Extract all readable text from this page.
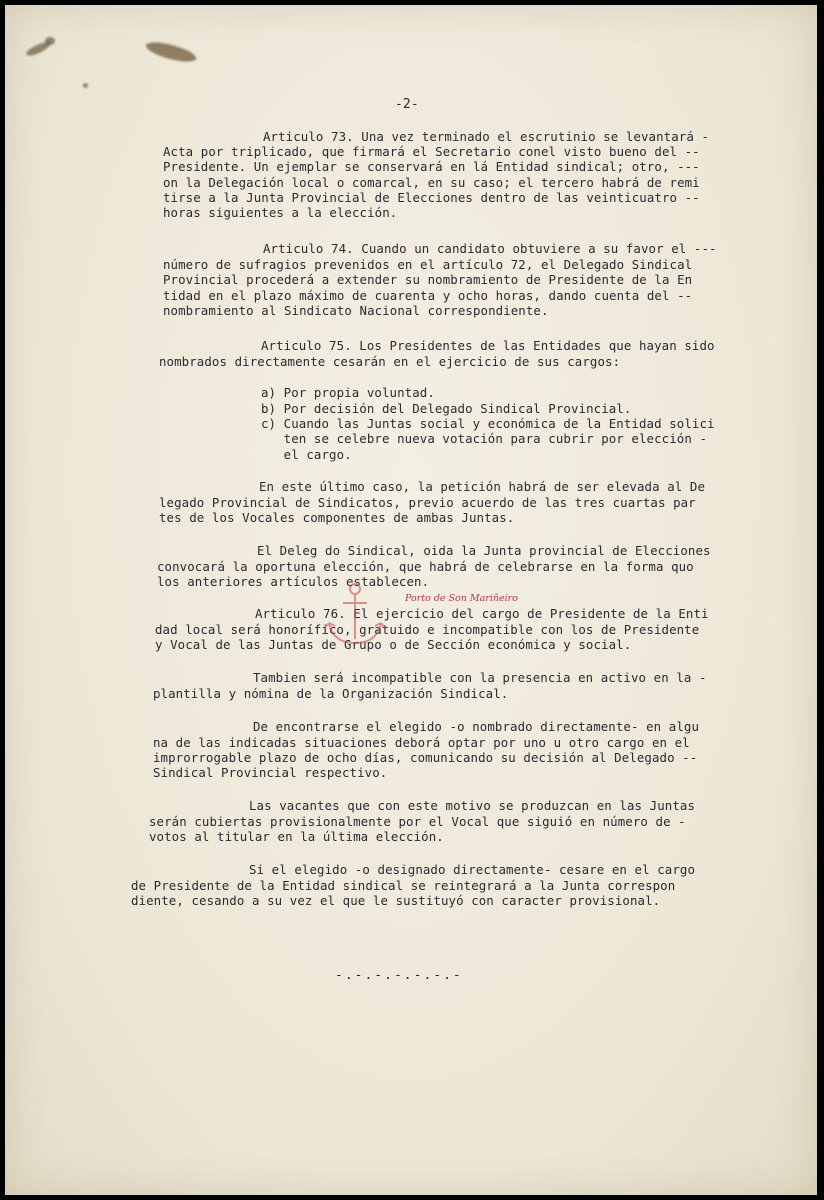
-2-
Articulo 73. Una vez terminado el escrutinio se levantará -
Acta por triplicado, que firmará el Secretario conel visto bueno del --
Presidente. Un ejemplar se conservará en lá Entidad sindical; otro, ---
on la Delegación local o comarcal, en su caso; el tercero habrá de remi
tirse a la Junta Provincial de Elecciones dentro de las veinticuatro --
horas siguientes a la elección.
Articulo 74. Cuando un candidato obtuviere a su favor el ---
número de sufragios prevenidos en el artículo 72, el Delegado Sindical
Provincial procederá a extender su nombramiento de Presidente de la En
tidad en el plazo máximo de cuarenta y ocho horas, dando cuenta del --
nombramiento al Sindicato Nacional correspondiente.
Articulo 75. Los Presidentes de las Entidades que hayan sido
nombrados directamente cesarán en el ejercicio de sus cargos:
a) Por propia voluntad.
b) Por decisión del Delegado Sindical Provincial.
c) Cuando las Juntas social y económica de la Entidad solici
ten se celebre nueva votación para cubrir por elección -
el cargo.
En este último caso, la petición habrá de ser elevada al De
legado Provincial de Sindicatos, previo acuerdo de las tres cuartas par
tes de los Vocales componentes de ambas Juntas.
El Deleg do Sindical, oida la Junta provincial de Elecciones
convocará la oportuna elección, que habrá de celebrarse en la forma quo
los anteriores artículos establecen.
Articulo 76. El ejercicio del cargo de Presidente de la Enti
dad local será honorífico, gratuido e incompatible con los de Presidente
y Vocal de las Juntas de Grupo o de Sección económica y social.
Tambien será incompatible con la presencia en activo en la -
plantilla y nómina de la Organización Sindical.
De encontrarse el elegido -o nombrado directamente- en algu
na de las indicadas situaciones deborá optar por uno u otro cargo en el
improrrogable plazo de ocho días, comunicando su decisión al Delegado --
Sindical Provincial respectivo.
Las vacantes que con este motivo se produzcan en las Juntas
serán cubiertas provisionalmente por el Vocal que siguió en número de -
votos al titular en la última elección.
Si el elegido -o designado directamente- cesare en el cargo
de Presidente de la Entidad sindical se reintegrará a la Junta correspon
diente, cesando a su vez el que le sustituyó con caracter provisional.
-.-.-.-.-.-.-
Porto de Son Mariñeiro
